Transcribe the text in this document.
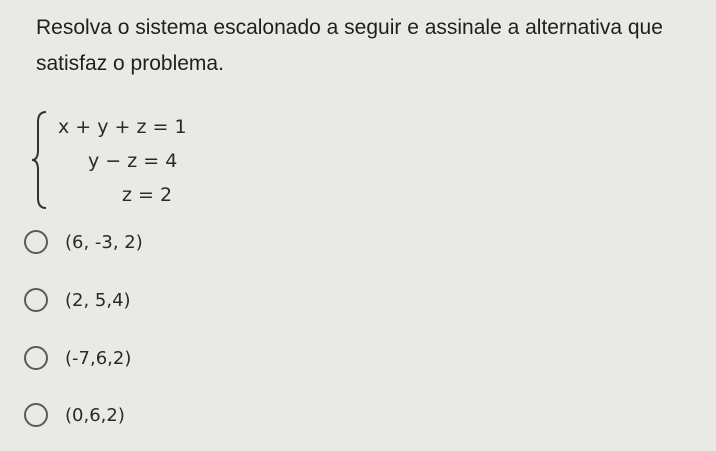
Resolva o sistema escalonado a seguir e assinale a alternativa que satisfaz o problema.
x + y + z = 1
y − z = 4
z = 2
(6, -3, 2)
(2, 5,4)
(-7,6,2)
(0,6,2)
